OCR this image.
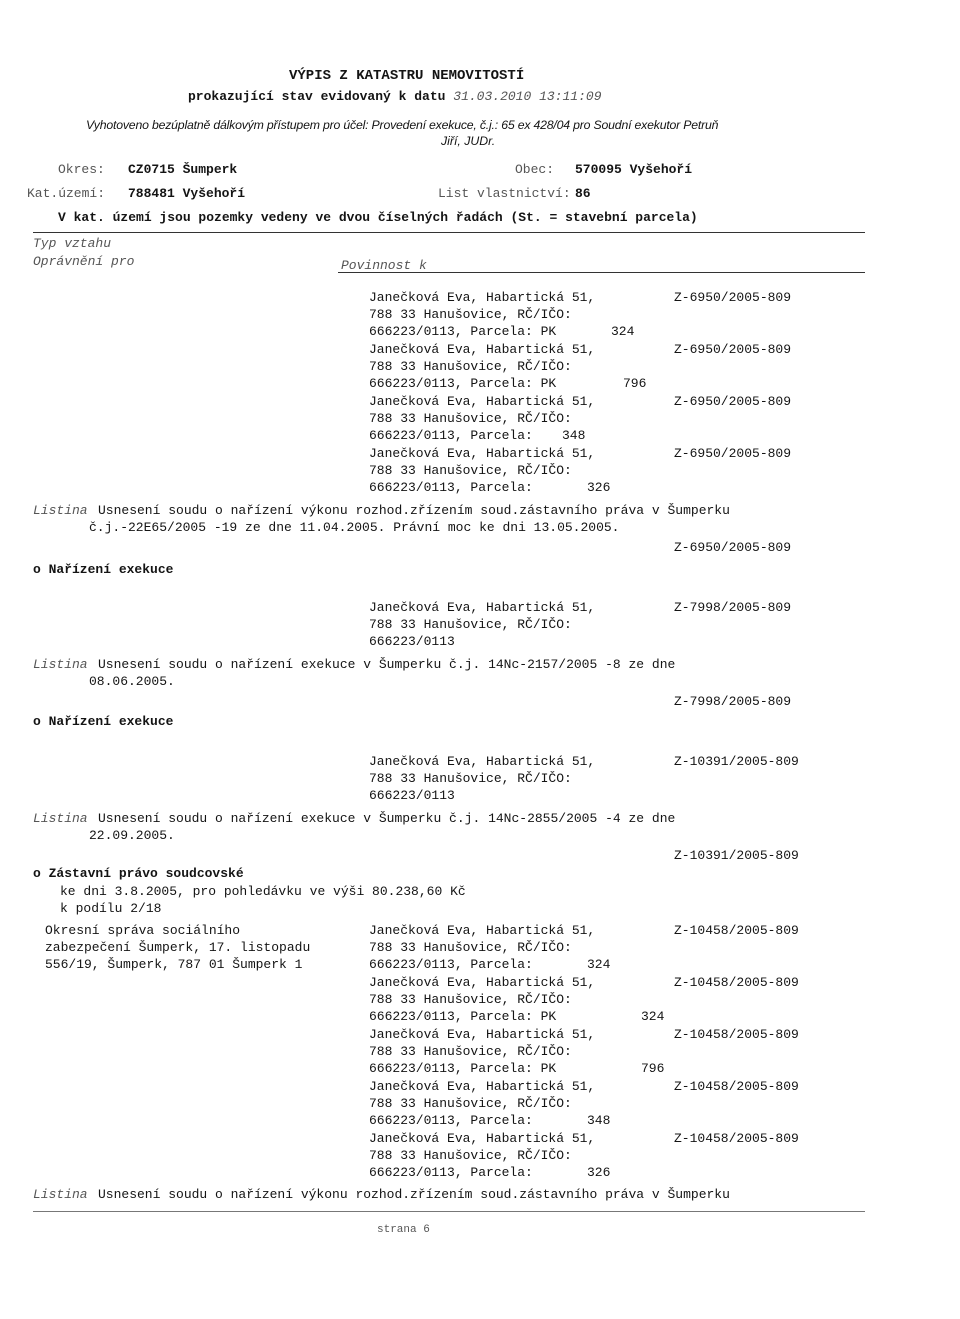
VÝPIS Z KATASTRU NEMOVITOSTÍ
prokazující stav evidovaný k datu 31.03.2010 13:11:09
Vyhotoveno bezúplatně dálkovým přístupem pro účel: Provedení exekuce, č.j.: 65 ex 428/04 pro Soudní exekutor Petruň
Jiří, JUDr.
Okres: CZ0715 Šumperk	Obec: 570095 Vyšehoří
Kat.území: 788481 Vyšehoří	List vlastnictví: 86
V kat. území jsou pozemky vedeny ve dvou číselných řadách (St. = stavební parcela)
Typ vztahu
Oprávnění pro	Povinnost k
Janečková Eva, Habartická 51,	Z-6950/2005-809
788 33 Hanušovice, RČ/IČO:
666223/0113, Parcela: PK	324
Janečková Eva, Habartická 51,	Z-6950/2005-809
788 33 Hanušovice, RČ/IČO:
666223/0113, Parcela: PK	796
Janečková Eva, Habartická 51,	Z-6950/2005-809
788 33 Hanušovice, RČ/IČO:
666223/0113, Parcela: 348
Janečková Eva, Habartická 51,	Z-6950/2005-809
788 33 Hanušovice, RČ/IČO:
666223/0113, Parcela:	326
Listina Usnesení soudu o nařízení výkonu rozhod.zřízením soud.zástavního práva v Šumperku
č.j.-22E65/2005 -19 ze dne 11.04.2005. Právní moc ke dni 13.05.2005.
Z-6950/2005-809
o Nařízení exekuce
Janečková Eva, Habartická 51,	Z-7998/2005-809
788 33 Hanušovice, RČ/IČO:
666223/0113
Listina Usnesení soudu o nařízení exekuce v Šumperku č.j. 14Nc-2157/2005 -8 ze dne
08.06.2005.
Z-7998/2005-809
o Nařízení exekuce
Janečková Eva, Habartická 51,	Z-10391/2005-809
788 33 Hanušovice, RČ/IČO:
666223/0113
Listina Usnesení soudu o nařízení exekuce v Šumperku č.j. 14Nc-2855/2005 -4 ze dne
22.09.2005.
Z-10391/2005-809
o Zástavní právo soudcovské
ke dni 3.8.2005, pro pohledávku ve výši 80.238,60 Kč
k podílu 2/18
Okresní správa sociálního
zabezpečení Šumperk, 17. listopadu
556/19, Šumperk, 787 01 Šumperk 1
Janečková Eva, Habartická 51,	Z-10458/2005-809
788 33 Hanušovice, RČ/IČO:
666223/0113, Parcela:	324
Janečková Eva, Habartická 51,	Z-10458/2005-809
788 33 Hanušovice, RČ/IČO:
666223/0113, Parcela: PK	324
Janečková Eva, Habartická 51,	Z-10458/2005-809
788 33 Hanušovice, RČ/IČO:
666223/0113, Parcela: PK	796
Janečková Eva, Habartická 51,	Z-10458/2005-809
788 33 Hanušovice, RČ/IČO:
666223/0113, Parcela:	348
Janečková Eva, Habartická 51,	Z-10458/2005-809
788 33 Hanušovice, RČ/IČO:
666223/0113, Parcela:	326
Listina Usnesení soudu o nařízení výkonu rozhod.zřízením soud.zástavního práva v Šumperku
strana 6
